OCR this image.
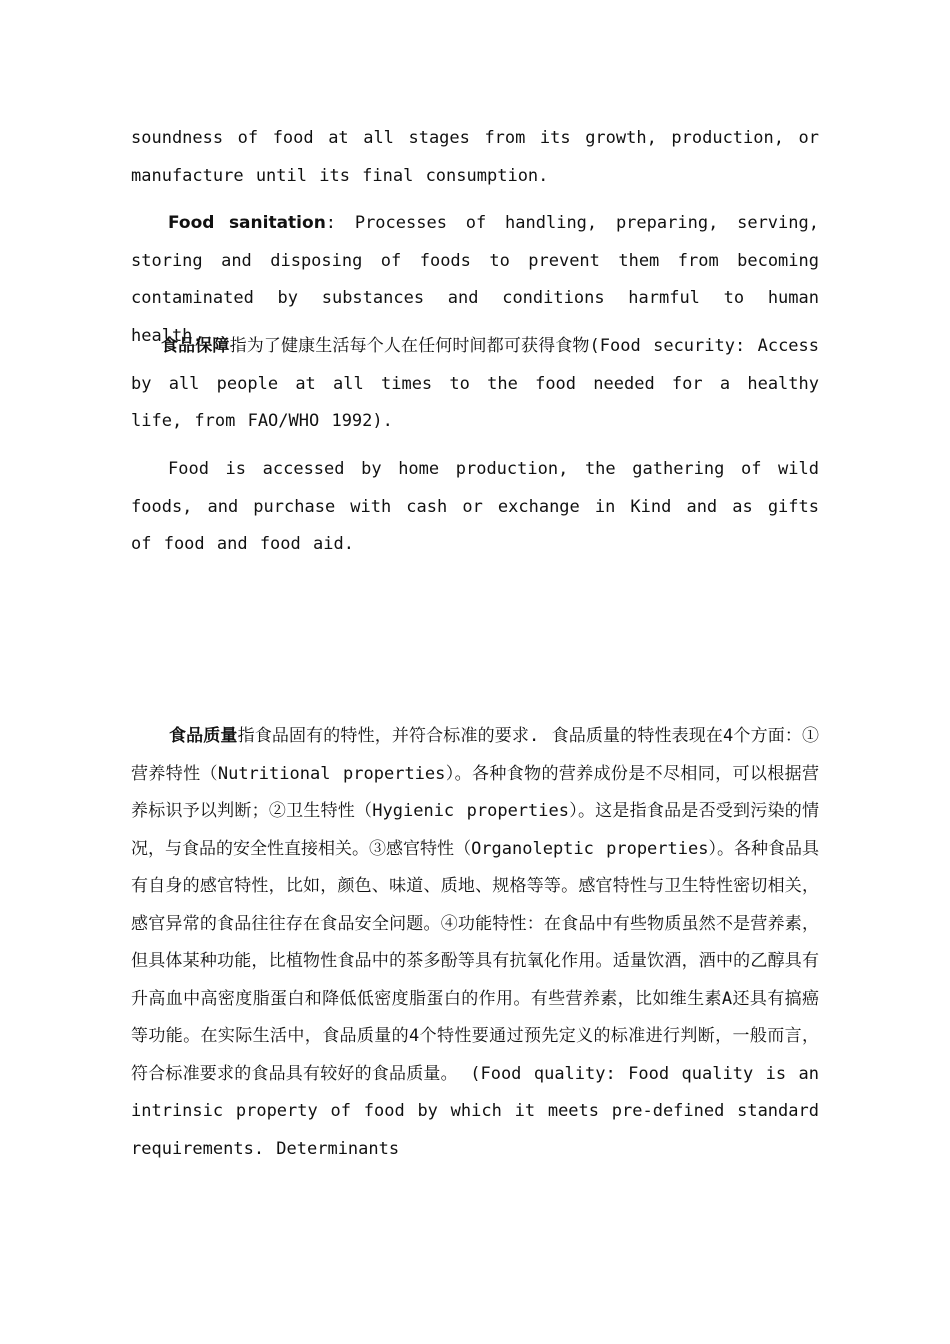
soundness of food at all stages from its growth, production, or manufacture until its final consumption.

Food sanitation: Processes of handling, preparing, serving, storing and disposing of foods to prevent them from becoming contaminated by substances and conditions harmful to human health.

食品保障指为了健康生活每个人在任何时间都可获得食物(Food security: Access by all people at all times to the food needed for a healthy life, from FAO/WHO 1992).

Food is accessed by home production, the gathering of wild foods, and purchase with cash or exchange in Kind and as gifts of food and food aid.

食品质量指食品固有的特性，并符合标准的要求. 食品质量的特性表现在4个方面：①营养特性（Nutritional properties）。各种食物的营养成份是不尽相同，可以根据营养标识予以判断；②卫生特性（Hygienic properties）。这是指食品是否受到污染的情况，与食品的安全性直接相关。③感官特性（Organoleptic properties）。各种食品具有自身的感官特性，比如，颜色、味道、质地、规格等等。感官特性与卫生特性密切相关，感官异常的食品往往存在食品安全问题。④功能特性：在食品中有些物质虽然不是营养素，但具体某种功能，比植物性食品中的茶多酚等具有抗氧化作用。适量饮酒，酒中的乙醇具有升高血中高密度脂蛋白和降低低密度脂蛋白的作用。有些营养素，比如维生素A还具有搞癌等功能。在实际生活中，食品质量的4个特性要通过预先定义的标准进行判断，一般而言，符合标准要求的食品具有较好的食品质量。 (Food quality: Food quality is an intrinsic property of food by which it meets pre-defined standard requirements. Determinants
